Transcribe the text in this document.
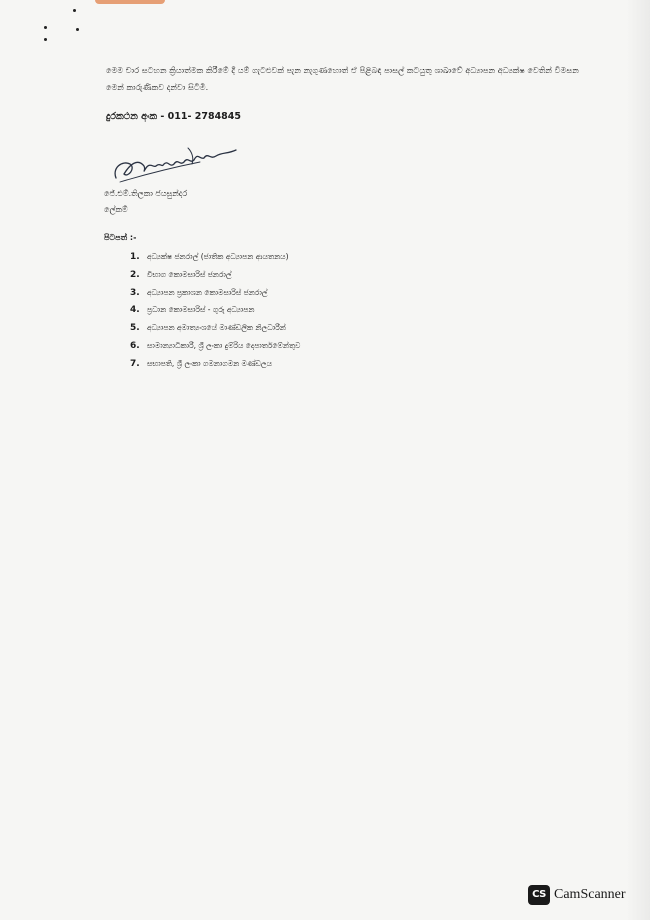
මෙම චාර සටහන ක්‍රියාත්මක කිරීමේ දී යම් ගැටළුවක් පැන නැගුණහොත් ඒ පිළිබඳ පාසල් කටයුතු ශාඛාවේ අධ්‍යාපන අධ්‍යක්ෂ වෙතින් විමසන මෙන් කාරුණිකව දන්වා සිටිමි.
දුරකථන අංක - 011- 2784845
ජේ.එම්.තිලකා ජයසුන්දර
ලේකම්
පිටපත් :-
1. අධ්‍යක්ෂ ජනරාල් (ජාතික අධ්‍යාපන ආයතනය)
2. විභාග කොමසාරිස් ජනරාල්
3. අධ්‍යාපන ප්‍රකාශන කොමසාරිස් ජනරාල්
4. ප්‍රධාන කොමසාරිස් - ගුරු අධ්‍යාපන
5. අධ්‍යාපන අමාත්‍යංශයේ මාණ්ඩලික නිලධාරීන්
6. සාමාන්‍යාධිකාරී, ශ්‍රී ලංකා දුම්රිය දෙපාර්තමේන්තුව
7. සභාපති, ශ්‍රී ලංකා ගමනාගමන මණ්ඩලය
CS CamScanner
